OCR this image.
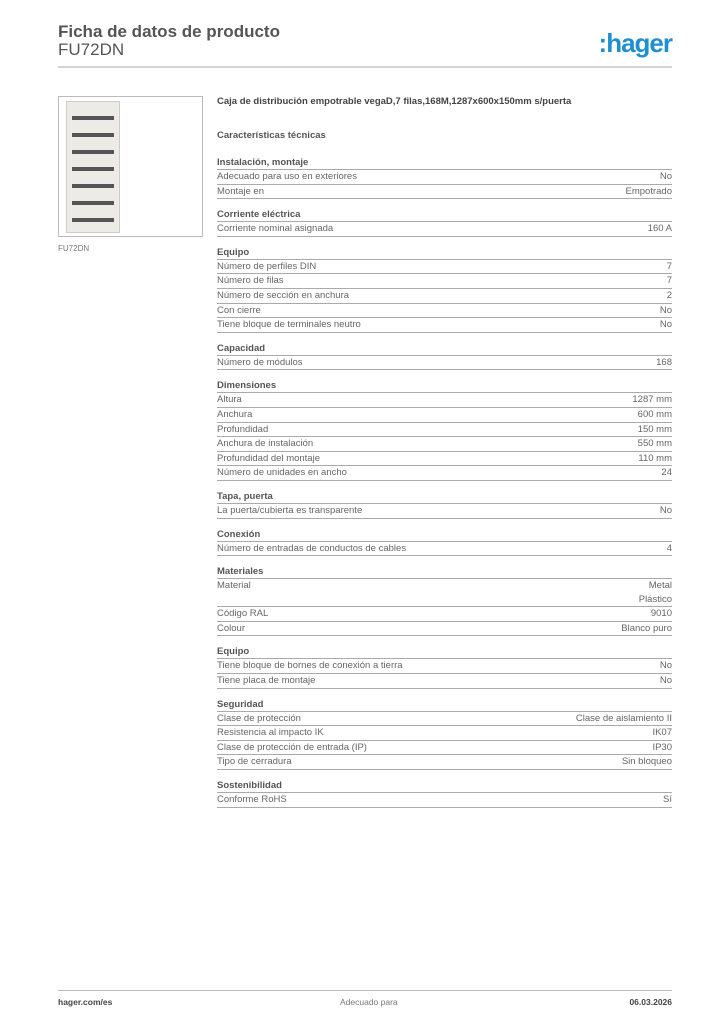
Ficha de datos de producto
FU72DN	:hager
FU72DN
Caja de distribución empotrable vegaD,7 filas,168M,1287x600x150mm s/puerta
Características técnicas
Instalación, montaje
Adecuado para uso en exteriores	No
Montaje en	Empotrado
Corriente eléctrica
Corriente nominal asignada	160 A
Equipo
Número de perfiles DIN	7
Número de filas	7
Número de sección en anchura	2
Con cierre	No
Tiene bloque de terminales neutro	No
Capacidad
Número de módulos	168
Dimensiones
Altura	1287 mm
Anchura	600 mm
Profundidad	150 mm
Anchura de instalación	550 mm
Profundidad del montaje	110 mm
Número de unidades en ancho	24
Tapa, puerta
La puerta/cubierta es transparente	No
Conexión
Número de entradas de conductos de cables	4
Materiales
Material	Metal
Plástico
Código RAL	9010
Colour	Blanco puro
Equipo
Tiene bloque de bornes de conexión a tierra	No
Tiene placa de montaje	No
Seguridad
Clase de protección	Clase de aislamiento II
Resistencia al impacto IK	IK07
Clase de protección de entrada (IP)	IP30
Tipo de cerradura	Sin bloqueo
Sostenibilidad
Conforme RoHS	Sí
hager.com/es	Adecuado para	06.03.2026
